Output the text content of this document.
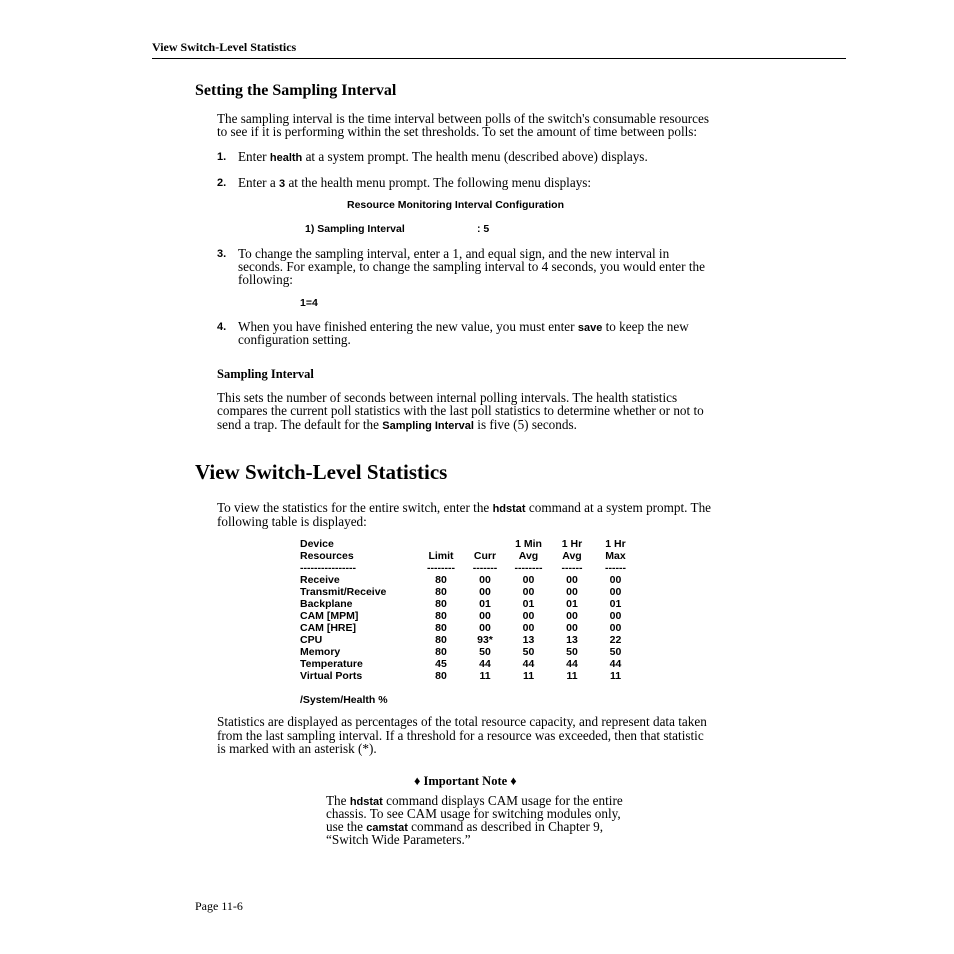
View Switch-Level Statistics
Setting the Sampling Interval
The sampling interval is the time interval between polls of the switch's consumable resources
to see if it is performing within the set thresholds. To set the amount of time between polls:
1. Enter health at a system prompt. The health menu (described above) displays.
2. Enter a 3 at the health menu prompt. The following menu displays:
Resource Monitoring Interval Configuration
1) Sampling Interval	: 5
3. To change the sampling interval, enter a 1, and equal sign, and the new interval in
seconds. For example, to change the sampling interval to 4 seconds, you would enter the
following:
1=4
4. When you have finished entering the new value, you must enter save to keep the new
configuration setting.
Sampling Interval
This sets the number of seconds between internal polling intervals. The health statistics
compares the current poll statistics with the last poll statistics to determine whether or not to
send a trap. The default for the Sampling Interval is five (5) seconds.
View Switch-Level Statistics
To view the statistics for the entire switch, enter the hdstat command at a system prompt. The
following table is displayed:
Device			1 Min	1 Hr	1 Hr
Resources	Limit	Curr	Avg	Avg	Max
----------------	--------	-------	--------	------	------
Receive	80	00	00	00	00
Transmit/Receive	80	00	00	00	00
Backplane	80	01	01	01	01
CAM [MPM]	80	00	00	00	00
CAM [HRE]	80	00	00	00	00
CPU	80	93*	13	13	22
Memory	80	50	50	50	50
Temperature	45	44	44	44	44
Virtual Ports	80	11	11	11	11
/System/Health %
Statistics are displayed as percentages of the total resource capacity, and represent data taken
from the last sampling interval. If a threshold for a resource was exceeded, then that statistic
is marked with an asterisk (*).
♦ Important Note ♦
The hdstat command displays CAM usage for the entire
chassis. To see CAM usage for switching modules only,
use the camstat command as described in Chapter 9,
“Switch Wide Parameters.”
Page 11-6
